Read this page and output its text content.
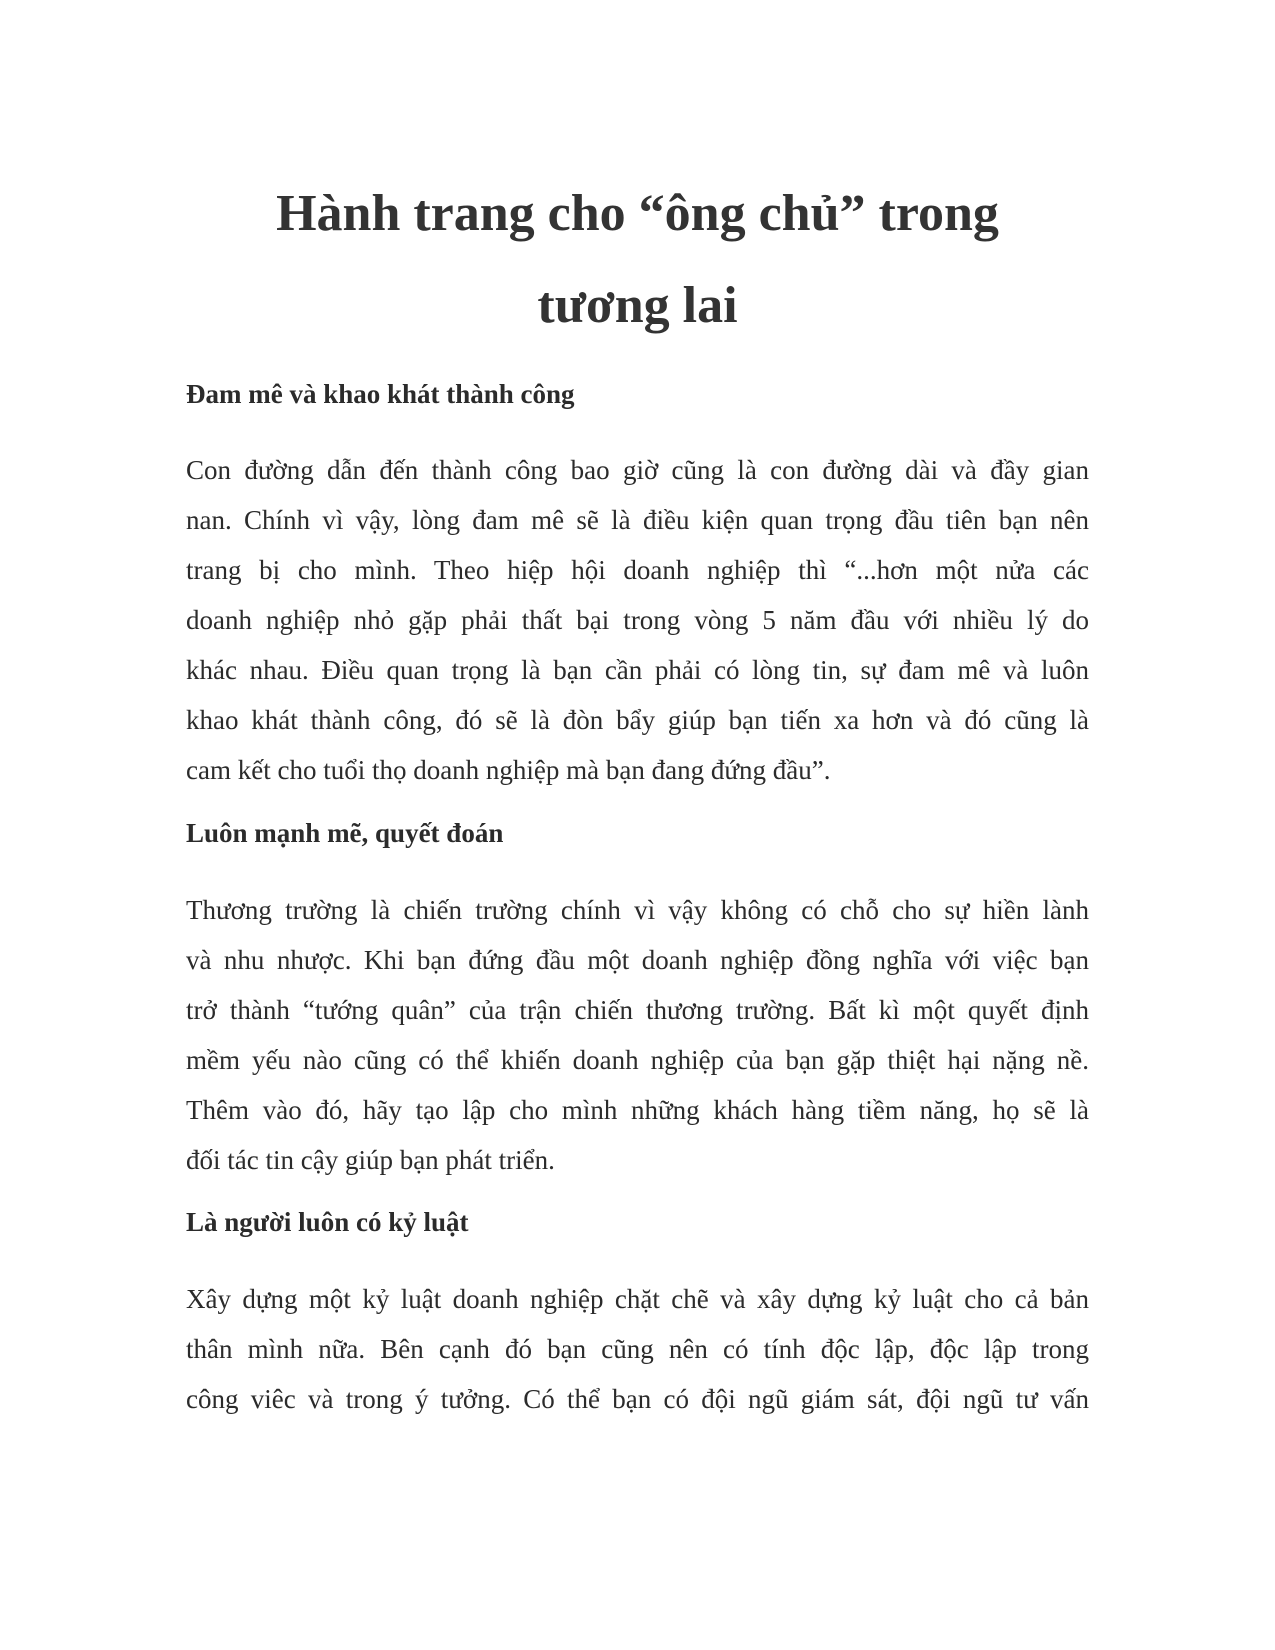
Hành trang cho “ông chủ” trong
tương lai
Đam mê và khao khát thành công

Con đường dẫn đến thành công bao giờ cũng là con đường dài và đầy gian
nan. Chính vì vậy, lòng đam mê sẽ là điều kiện quan trọng đầu tiên bạn nên
trang bị cho mình. Theo hiệp hội doanh nghiệp thì “...hơn một nửa các
doanh nghiệp nhỏ gặp phải thất bại trong vòng 5 năm đầu với nhiều lý do
khác nhau. Điều quan trọng là bạn cần phải có lòng tin, sự đam mê và luôn
khao khát thành công, đó sẽ là đòn bẩy giúp bạn tiến xa hơn và đó cũng là
cam kết cho tuổi thọ doanh nghiệp mà bạn đang đứng đầu”.

Luôn mạnh mẽ, quyết đoán

Thương trường là chiến trường chính vì vậy không có chỗ cho sự hiền lành
và nhu nhược. Khi bạn đứng đầu một doanh nghiệp đồng nghĩa với việc bạn
trở thành “tướng quân” của trận chiến thương trường. Bất kì một quyết định
mềm yếu nào cũng có thể khiến doanh nghiệp của bạn gặp thiệt hại nặng nề.
Thêm vào đó, hãy tạo lập cho mình những khách hàng tiềm năng, họ sẽ là
đối tác tin cậy giúp bạn phát triển.

Là người luôn có kỷ luật

Xây dựng một kỷ luật doanh nghiệp chặt chẽ và xây dựng kỷ luật cho cả bản
thân mình nữa. Bên cạnh đó bạn cũng nên có tính độc lập, độc lập trong
công viêc và trong ý tưởng. Có thể bạn có đội ngũ giám sát, đội ngũ tư vấn
